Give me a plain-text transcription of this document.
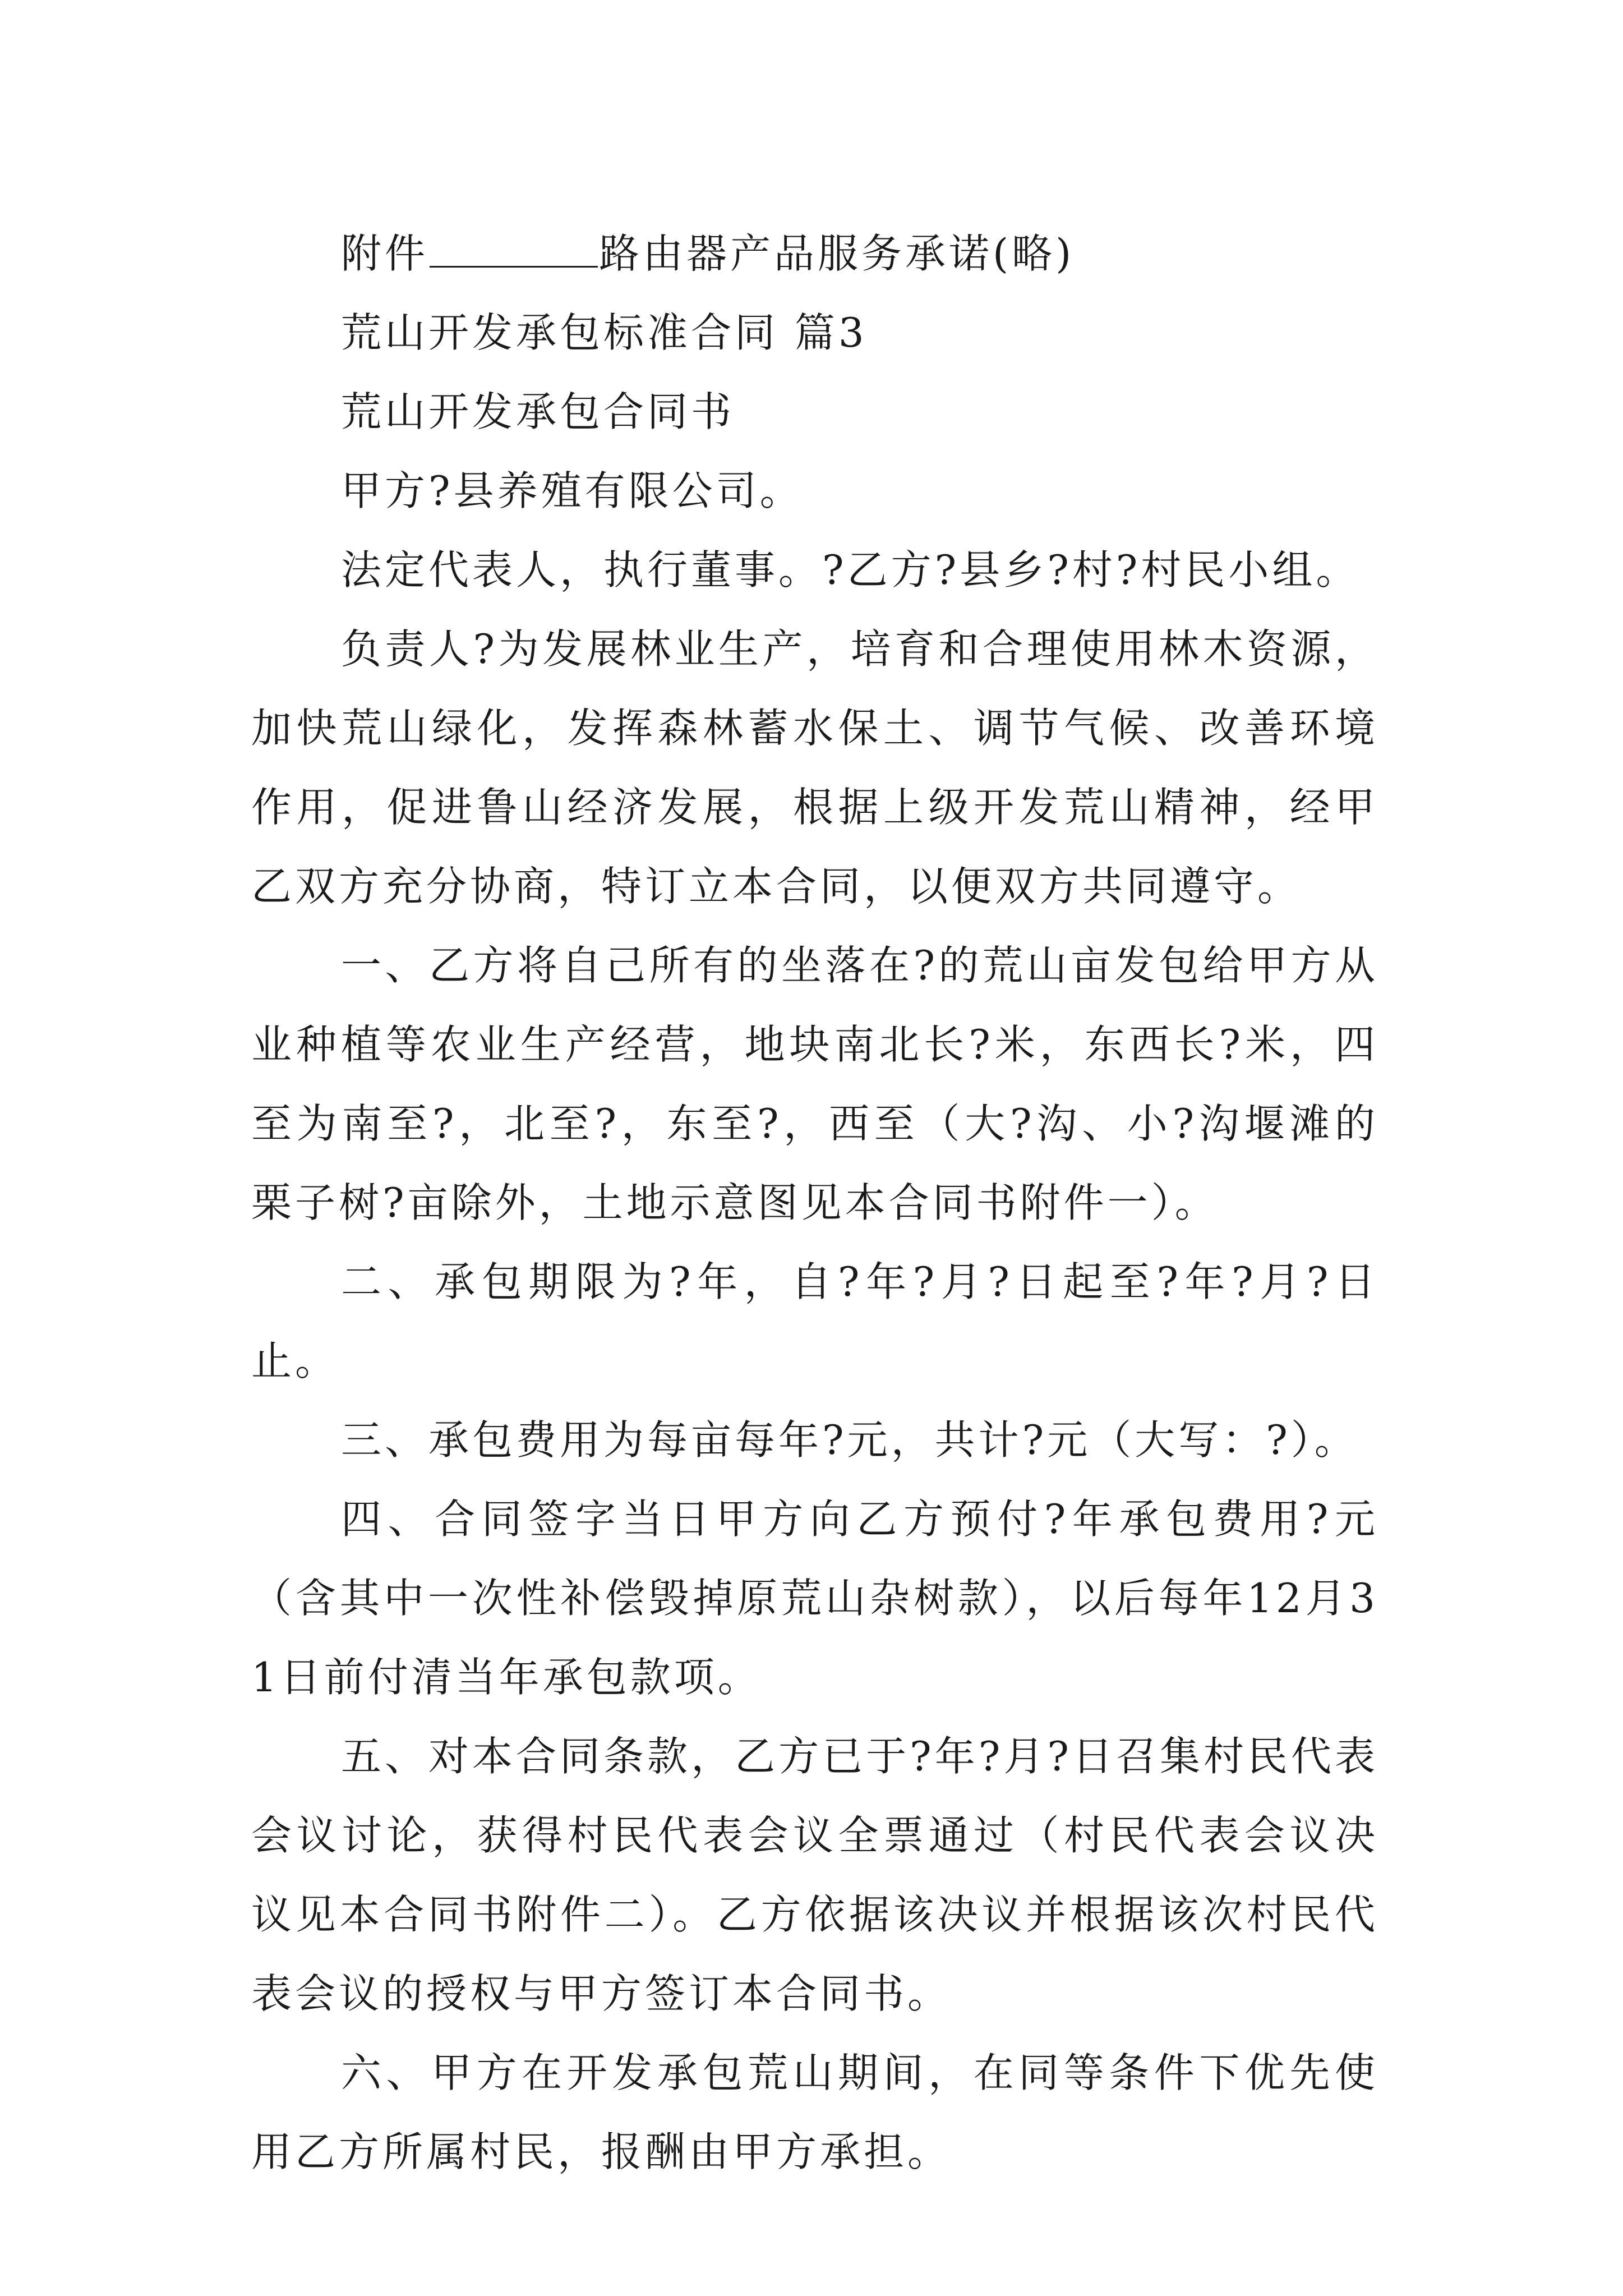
附件	路由器产品服务承诺(略)

荒山开发承包标准合同 篇3

荒山开发承包合同书

甲方?县养殖有限公司。

法定代表人，执行董事。?乙方?县乡?村?村民小组。

负责人?为发展林业生产，培育和合理使用林木资源，加快荒山绿化，发挥森林蓄水保土、调节气候、改善环境作用，促进鲁山经济发展，根据上级开发荒山精神，经甲乙双方充分协商，特订立本合同，以便双方共同遵守。

一、乙方将自己所有的坐落在?的荒山亩发包给甲方从业种植等农业生产经营，地块南北长?米，东西长?米，四至为南至?，北至?，东至?，西至（大?沟、小?沟堰滩的栗子树?亩除外，土地示意图见本合同书附件一）。

二、承包期限为?年，自?年?月?日起至?年?月?日止。

三、承包费用为每亩每年?元，共计?元（大写：?）。

四、合同签字当日甲方向乙方预付?年承包费用?元（含其中一次性补偿毁掉原荒山杂树款），以后每年12月31日前付清当年承包款项。

五、对本合同条款，乙方已于?年?月?日召集村民代表会议讨论，获得村民代表会议全票通过（村民代表会议决议见本合同书附件二）。乙方依据该决议并根据该次村民代表会议的授权与甲方签订本合同书。

六、甲方在开发承包荒山期间，在同等条件下优先使用乙方所属村民，报酬由甲方承担。
